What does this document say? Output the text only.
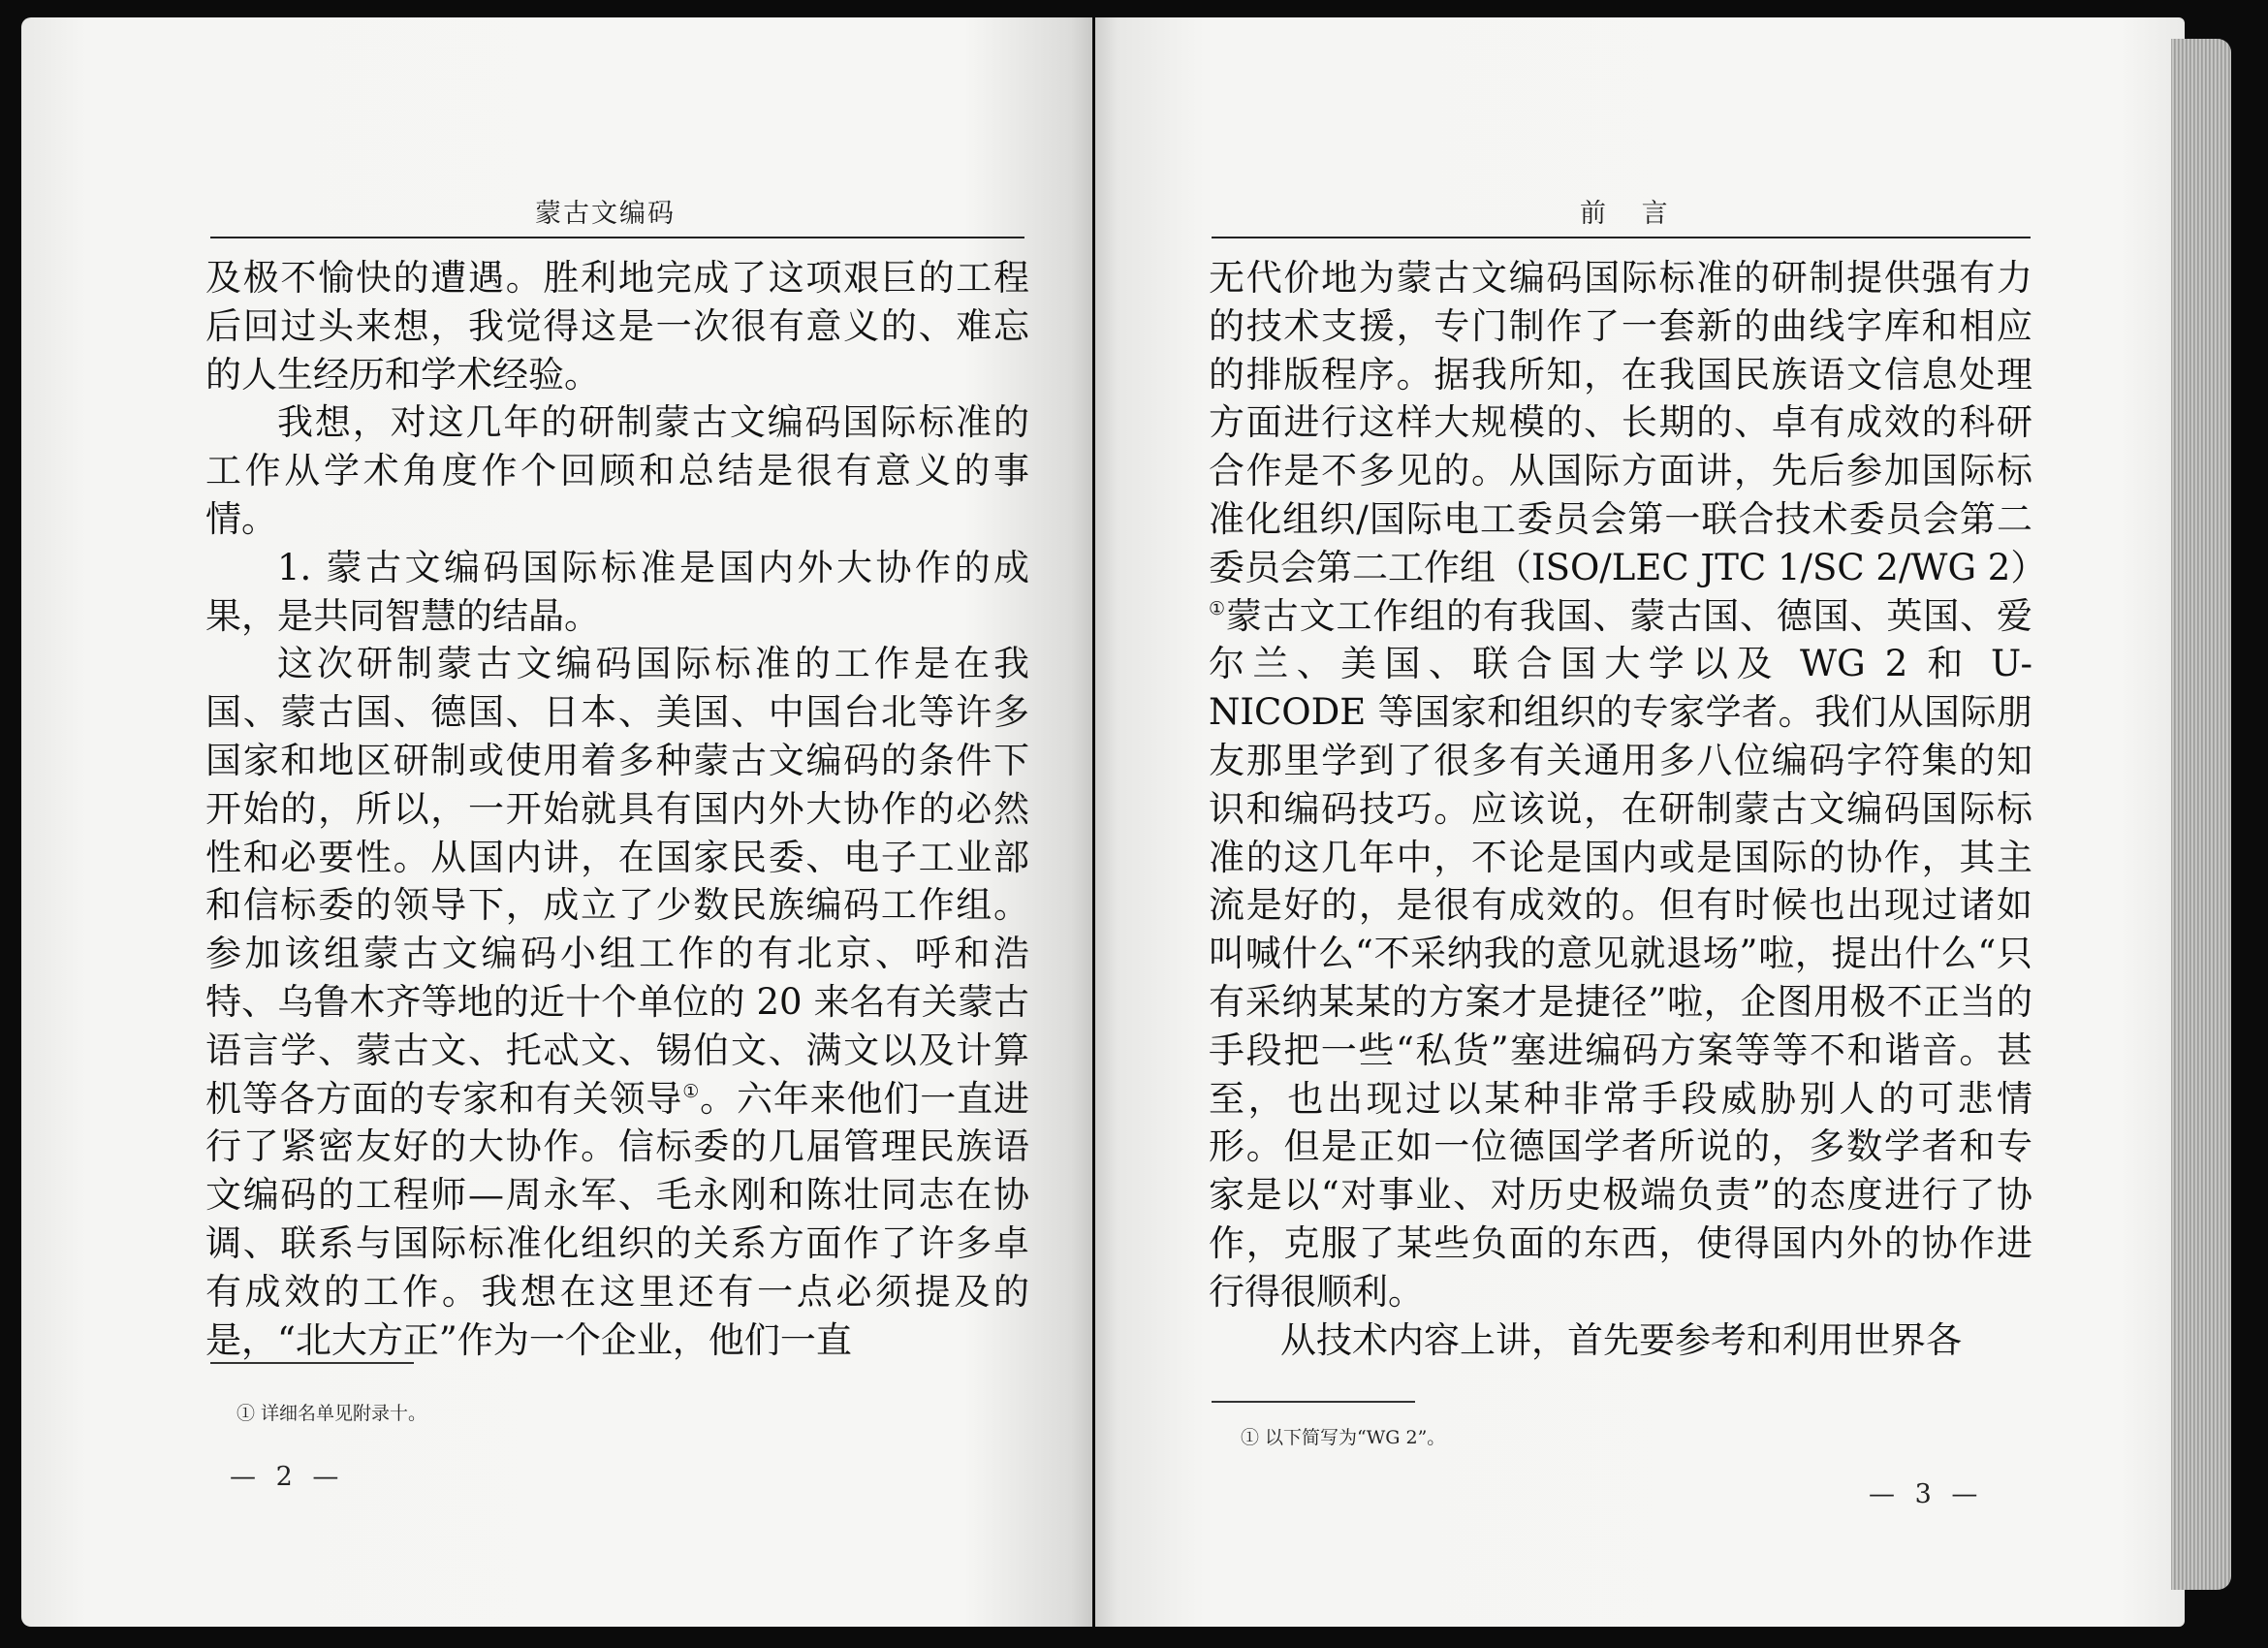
蒙古文编码

及极不愉快的遭遇。胜利地完成了这项艰巨的工程后回过头来想，我觉得这是一次很有意义的、难忘的人生经历和学术经验。

我想，对这几年的研制蒙古文编码国际标准的工作从学术角度作个回顾和总结是很有意义的事情。

1. 蒙古文编码国际标准是国内外大协作的成果，是共同智慧的结晶。

这次研制蒙古文编码国际标准的工作是在我国、蒙古国、德国、日本、美国、中国台北等许多国家和地区研制或使用着多种蒙古文编码的条件下开始的，所以，一开始就具有国内外大协作的必然性和必要性。从国内讲，在国家民委、电子工业部和信标委的领导下，成立了少数民族编码工作组。参加该组蒙古文编码小组工作的有北京、呼和浩特、乌鲁木齐等地的近十个单位的 20 来名有关蒙古语言学、蒙古文、托忒文、锡伯文、满文以及计算机等各方面的专家和有关领导①。六年来他们一直进行了紧密友好的大协作。信标委的几届管理民族语文编码的工程师—周永军、毛永刚和陈壮同志在协调、联系与国际标准化组织的关系方面作了许多卓有成效的工作。我想在这里还有一点必须提及的是，“北大方正”作为一个企业，他们一直

① 详细名单见附录十。
— 2 —
前 言

无代价地为蒙古文编码国际标准的研制提供强有力的技术支援，专门制作了一套新的曲线字库和相应的排版程序。据我所知，在我国民族语文信息处理方面进行这样大规模的、长期的、卓有成效的科研合作是不多见的。从国际方面讲，先后参加国际标准化组织/国际电工委员会第一联合技术委员会第二委员会第二工作组（ISO/LEC JTC 1/SC 2/WG 2）①蒙古文工作组的有我国、蒙古国、德国、英国、爱尔兰、美国、联合国大学以及 WG 2 和 U-NICODE 等国家和组织的专家学者。我们从国际朋友那里学到了很多有关通用多八位编码字符集的知识和编码技巧。应该说，在研制蒙古文编码国际标准的这几年中，不论是国内或是国际的协作，其主流是好的，是很有成效的。但有时候也出现过诸如叫喊什么“不采纳我的意见就退场”啦，提出什么“只有采纳某某的方案才是捷径”啦，企图用极不正当的手段把一些“私货”塞进编码方案等等不和谐音。甚至，也出现过以某种非常手段威胁别人的可悲情形。但是正如一位德国学者所说的，多数学者和专家是以“对事业、对历史极端负责”的态度进行了协作，克服了某些负面的东西，使得国内外的协作进行得很顺利。

从技术内容上讲，首先要参考和利用世界各

① 以下简写为“WG 2”。
— 3 —
